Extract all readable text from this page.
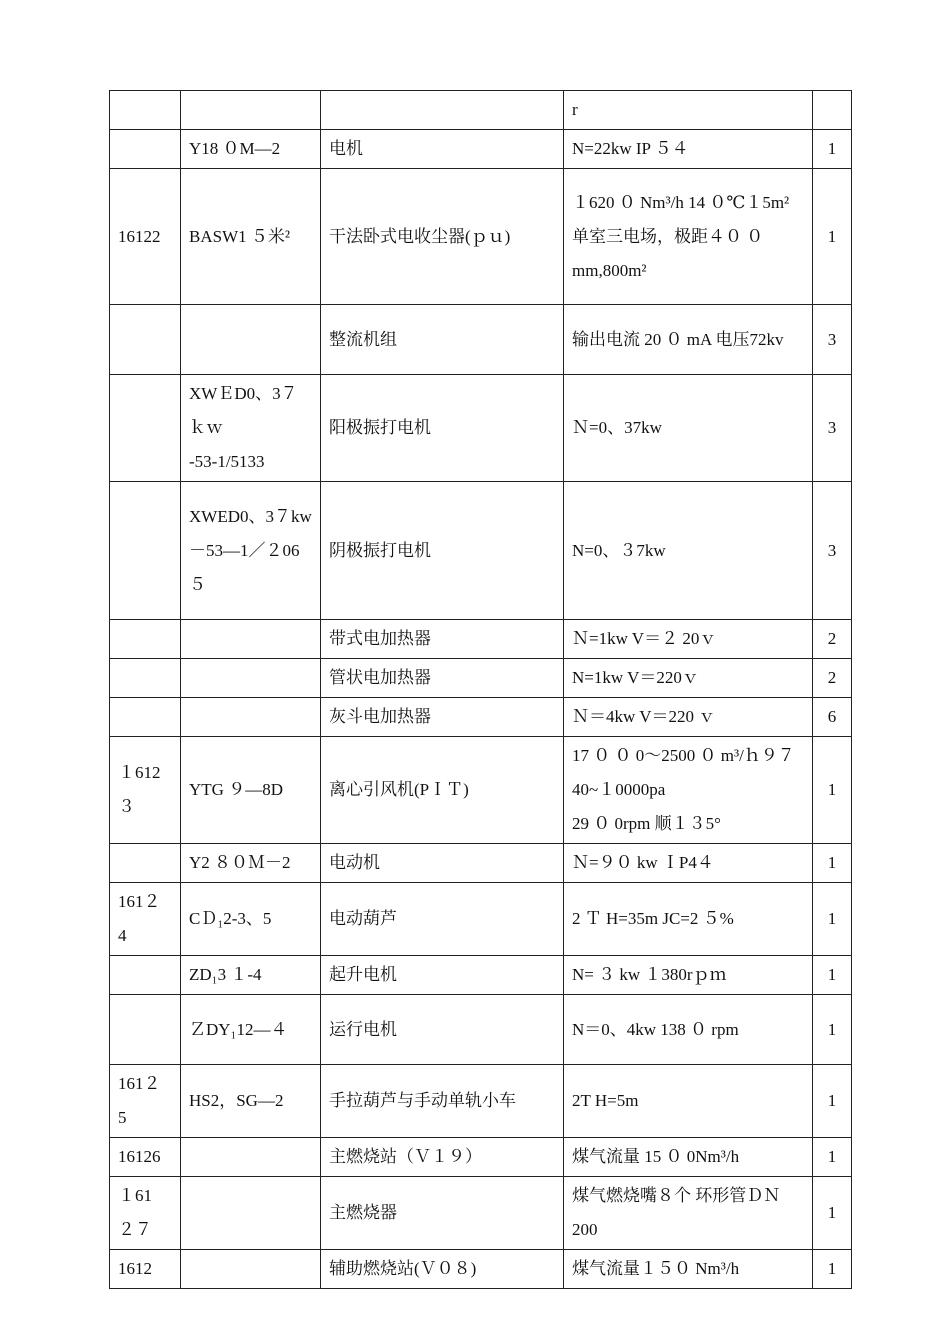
			r	
	Y18 ０M—2	电机	N=22kw IP ５４	1
16122	BASW1 ５米²	干法卧式电收尘器(ｐｕ)	１620 ０ Nm³/h 14 ０℃１5m²
单室三电场，极距４０ ０ mm,800m²	1
		整流机组	输出电流 20 ０ mA 电压72kv	3
	XWＥD0、3７ｋｗ
-53-1/5133	阳极振打电机	Ｎ=0、37kw	3
	XWED0、3７kw
－53—1／２06５	阴极振打电机	N=0、３7kw	3
		带式电加热器	Ｎ=1kw V＝２ 20ｖ	2
		管状电加热器	N=1kw V＝220ｖ	2
		灰斗电加热器	Ｎ＝4kw V＝220 ｖ	6
１612
３	YTG ９—8D	离心引风机(PＩＴ)	17 ０ ０ 0～2500 ０ m³/ｈ９７40~１0000pa
29 ０ 0rpm 顺１３5°	1
	Y2 ８０Ｍ－2	电动机	Ｎ=９０ kw ＩP4４	1
161２
4	CＤ₁2-3、5	电动葫芦	2 Ｔ H=35m JC=2 ５%	1
	ZD₁3 １-4	起升电机	N= ３ kw １380rｐｍ	1
	ＺDY₁12—４	运行电机	N＝0、4kw 138 ０ rpm	1
161２
5	HS2，SG—2	手拉葫芦与手动单轨小车	2T H=5m	1
16126		主燃烧站（Ｖ１９）	煤气流量 15 ０ 0Nm³/h	1
１61
２７		主燃烧器	煤气燃烧嘴８个 环形管ＤＮ200	1
1612		辅助燃烧站(Ｖ０８)	煤气流量１５０ Nm³/h	1
